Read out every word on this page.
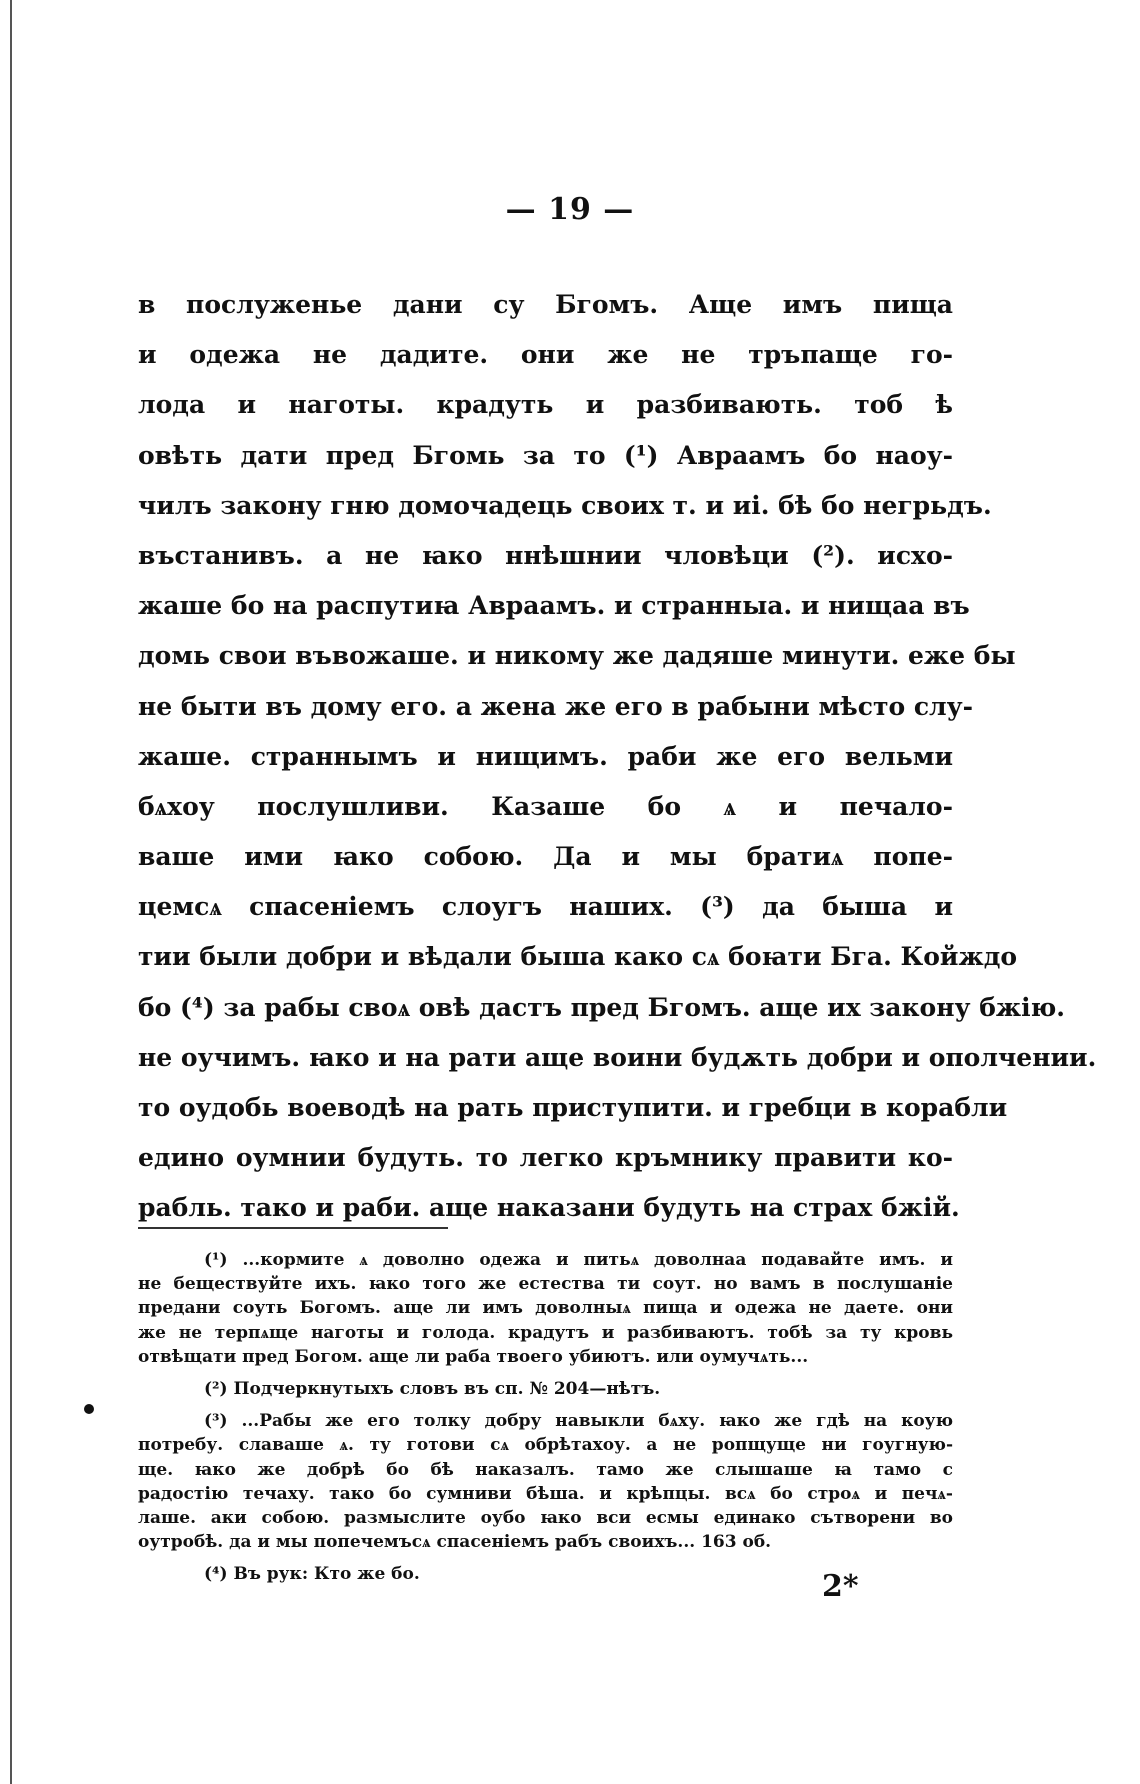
— 19 —
в послуженье дани су Бгомъ. Аще имъ пища
и одежа не дадите. они же не тръпаще го-
лода и наготы. крадуть и разбивають. тоб ѣ
овѣть дати пред Бгомь за то (¹) Авраамъ бо наоу-
чилъ закону гню домочадець своих т. и иі. бѣ бо негрьдъ.
въстанивъ. а не ꙗко ннѣшнии чловѣци (²). исхо-
жаше бо на распутиꙗ Авраамъ. и странныа. и нищаа въ
домь свои въвожаше. и никому же дадяше минути. еже бы
не быти въ дому его. а жена же его в рабыни мѣсто слу-
жаше. страннымъ и нищимъ. раби же его вельми
бѧхоу послушливи. Казаше бо ѧ и печало-
ваше ими ꙗко собою. Да и мы братиѧ попе-
цемсѧ спасеніемъ слоугъ наших. (³) да быша и
тии были добри и вѣдали быша како сѧ боꙗти Бга. Койждо
бо (⁴) за рабы своѧ овѣ дастъ пред Бгомъ. аще их закону бжію.
не оучимъ. ꙗко и на рати аще воини будѫть добри и ополчении.
то оудобь воеводѣ на рать приступити. и гребци в корабли
едино оумнии будуть. то легко кръмнику правити ко-
рабль. тако и раби. аще наказани будуть на страх бжій.
(¹) ...кормите ѧ доволно одежа и питьѧ доволнаа подавайте имъ. и
не беществуйте ихъ. ꙗко того же естества ти соут. но вамъ в послушаніе
предани соуть Богомъ. аще ли имъ доволныѧ пища и одежа не даете. они
же не терпѧще наготы и голода. крадутъ и разбиваютъ. тобѣ за ту кровь
отвѣщати пред Богом. аще ли раба твоего убиютъ. или оумучѧть...
(²) Подчеркнутыхъ словъ въ сп. № 204—нѣтъ.
(³) ...Рабы же его толку добру навыкли бѧху. ꙗко же гдѣ на коую
потребу. славаше ѧ. ту готови сѧ обрѣтахоу. а не ропщуще ни гоугную-
ще. ꙗко же добрѣ бо бѣ наказалъ. тамо же слышаше ꙗ тамо с
радостію течаху. тако бо сумниви бѣша. и крѣпцы. всѧ бо строѧ и печѧ-
лаше. аки собою. размыслите оубо ꙗко вси есмы единако сътворени во
оутробѣ. да и мы попечемъсѧ спасеніемъ рабъ своихъ... 163 об.
(⁴) Въ рук: Кто же бо.	2*
